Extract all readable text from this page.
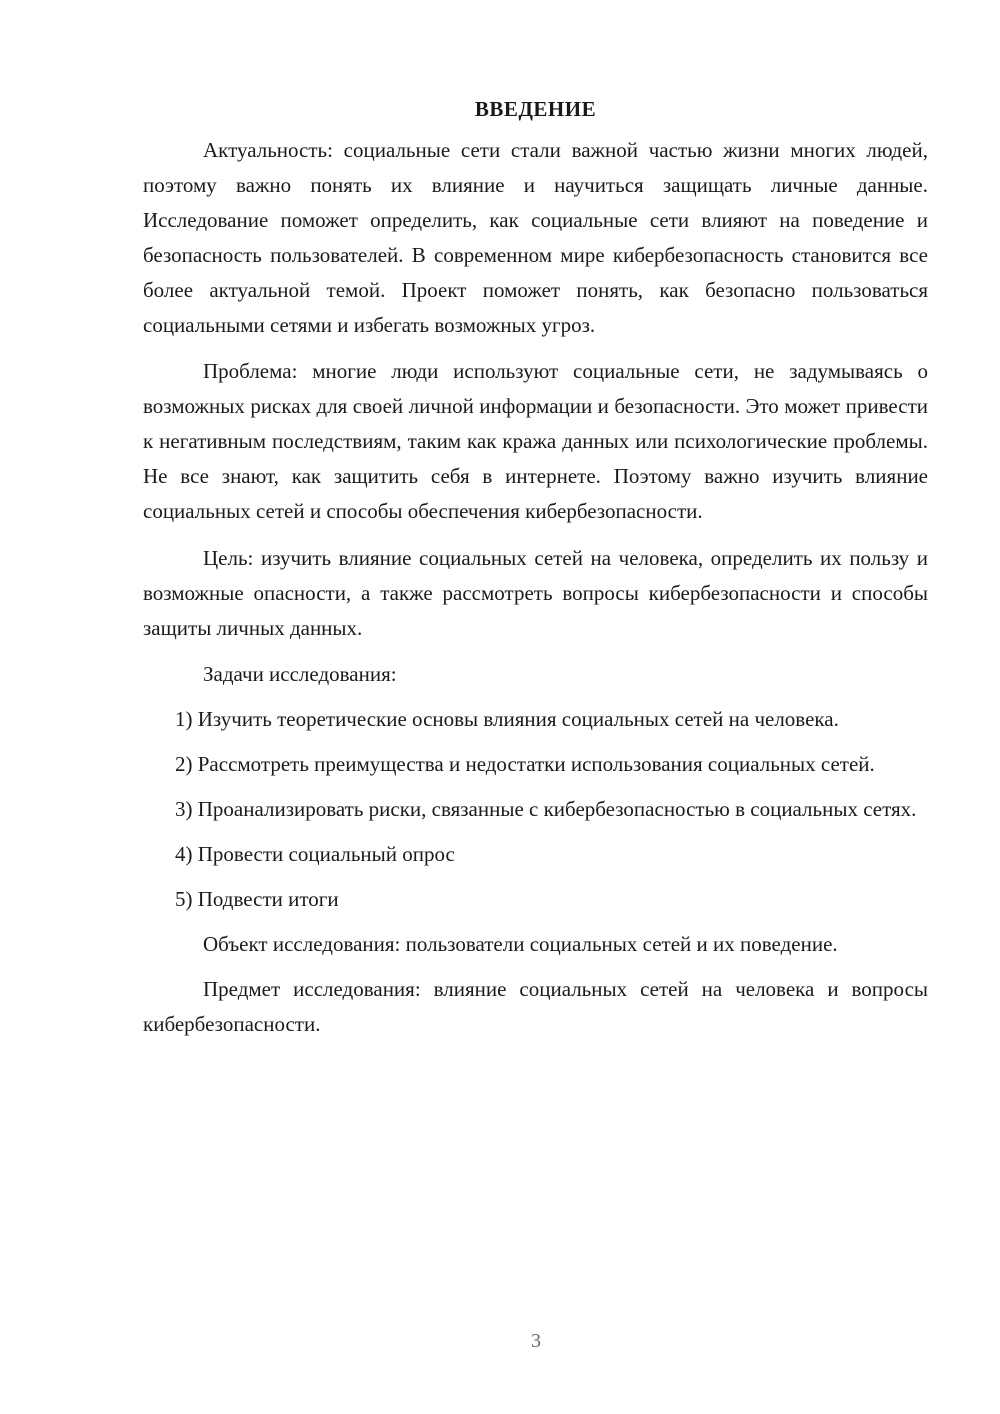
ВВЕДЕНИЕ

Актуальность: социальные сети стали важной частью жизни многих людей, поэтому важно понять их влияние и научиться защищать личные данные. Исследование поможет определить, как социальные сети влияют на поведение и безопасность пользователей. В современном мире кибербезопасность становится все более актуальной темой. Проект поможет понять, как безопасно пользоваться социальными сетями и избегать возможных угроз.

Проблема: многие люди используют социальные сети, не задумываясь о возможных рисках для своей личной информации и безопасности. Это может привести к негативным последствиям, таким как кража данных или психологические проблемы. Не все знают, как защитить себя в интернете. Поэтому важно изучить влияние социальных сетей и способы обеспечения кибербезопасности.

Цель: изучить влияние социальных сетей на человека, определить их пользу и возможные опасности, а также рассмотреть вопросы кибербезопасности и способы защиты личных данных.

Задачи исследования:

1) Изучить теоретические основы влияния социальных сетей на человека.
2) Рассмотреть преимущества и недостатки использования социальных сетей.
3) Проанализировать риски, связанные с кибербезопасностью в социальных сетях.
4) Провести социальный опрос
5) Подвести итоги

Объект исследования: пользователи социальных сетей и их поведение.

Предмет исследования: влияние социальных сетей на человека и вопросы кибербезопасности.

3
